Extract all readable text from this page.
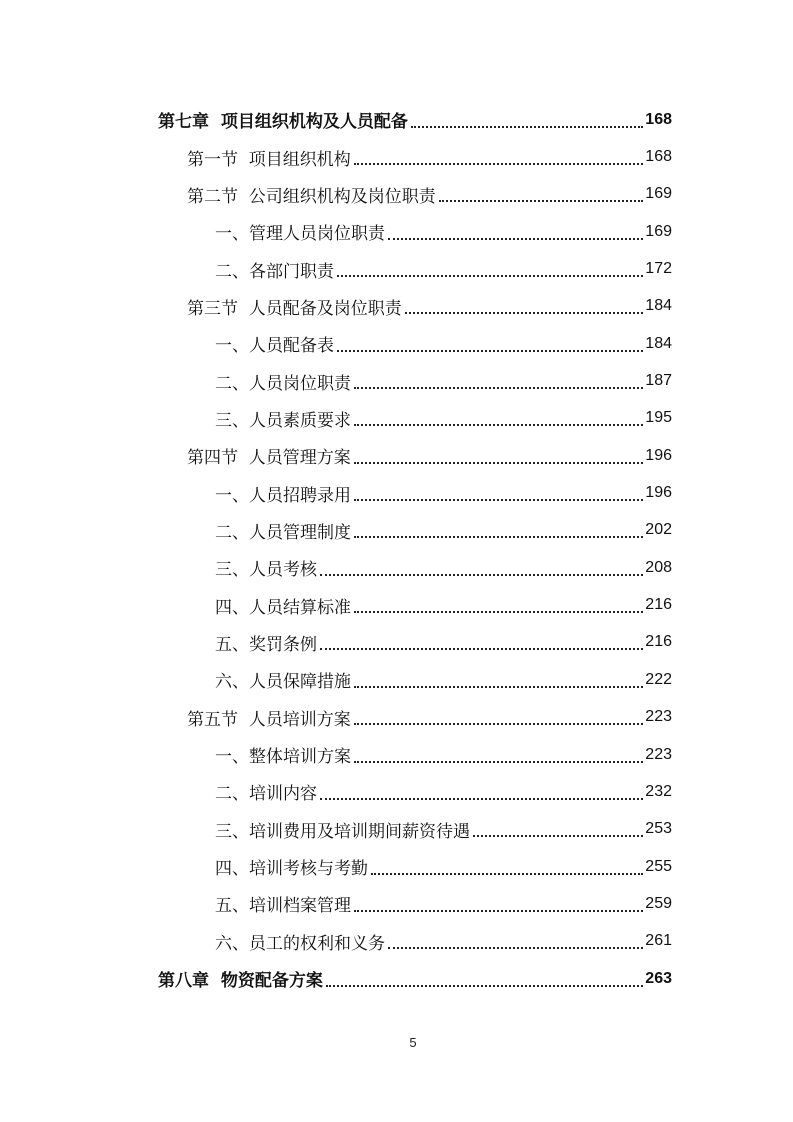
第七章  项目组织机构及人员配备	168
第一节  项目组织机构	168
第二节  公司组织机构及岗位职责	169
一、管理人员岗位职责	169
二、各部门职责	172
第三节  人员配备及岗位职责	184
一、人员配备表	184
二、人员岗位职责	187
三、人员素质要求	195
第四节  人员管理方案	196
一、人员招聘录用	196
二、人员管理制度	202
三、人员考核	208
四、人员结算标准	216
五、奖罚条例	216
六、人员保障措施	222
第五节  人员培训方案	223
一、整体培训方案	223
二、培训内容	232
三、培训费用及培训期间薪资待遇	253
四、培训考核与考勤	255
五、培训档案管理	259
六、员工的权利和义务	261
第八章  物资配备方案	263
5
